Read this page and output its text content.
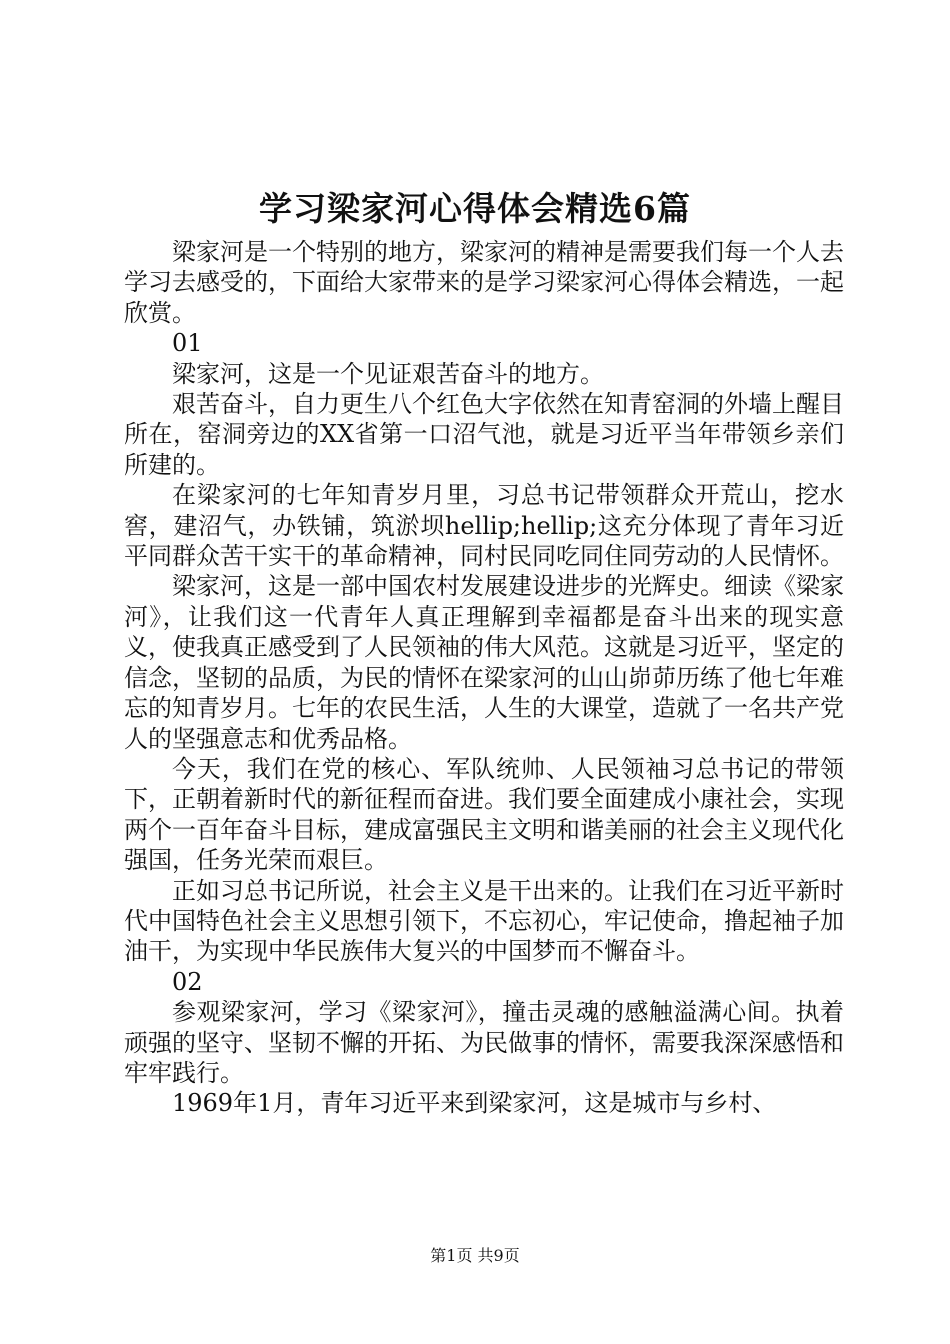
学习梁家河心得体会精选6篇

梁家河是一个特别的地方，梁家河的精神是需要我们每一个人去学习去感受的，下面给大家带来的是学习梁家河心得体会精选，一起欣赏。

01

梁家河，这是一个见证艰苦奋斗的地方。

艰苦奋斗，自力更生八个红色大字依然在知青窑洞的外墙上醒目所在，窑洞旁边的XX省第一口沼气池，就是习近平当年带领乡亲们所建的。

在梁家河的七年知青岁月里，习总书记带领群众开荒山，挖水窖，建沼气，办铁铺，筑淤坝hellip;hellip;这充分体现了青年习近平同群众苦干实干的革命精神，同村民同吃同住同劳动的人民情怀。

梁家河，这是一部中国农村发展建设进步的光辉史。细读《梁家河》，让我们这一代青年人真正理解到幸福都是奋斗出来的现实意义，使我真正感受到了人民领袖的伟大风范。这就是习近平，坚定的信念，坚韧的品质，为民的情怀在梁家河的山山峁茆历练了他七年难忘的知青岁月。七年的农民生活，人生的大课堂，造就了一名共产党人的坚强意志和优秀品格。

今天，我们在党的核心、军队统帅、人民领袖习总书记的带领下，正朝着新时代的新征程而奋进。我们要全面建成小康社会，实现两个一百年奋斗目标，建成富强民主文明和谐美丽的社会主义现代化强国，任务光荣而艰巨。

正如习总书记所说，社会主义是干出来的。让我们在习近平新时代中国特色社会主义思想引领下，不忘初心，牢记使命，撸起袖子加油干，为实现中华民族伟大复兴的中国梦而不懈奋斗。

02

参观梁家河，学习《梁家河》，撞击灵魂的感触溢满心间。执着顽强的坚守、坚韧不懈的开拓、为民做事的情怀，需要我深深感悟和牢牢践行。

1969年1月，青年习近平来到梁家河，这是城市与乡村、

第1页 共9页
